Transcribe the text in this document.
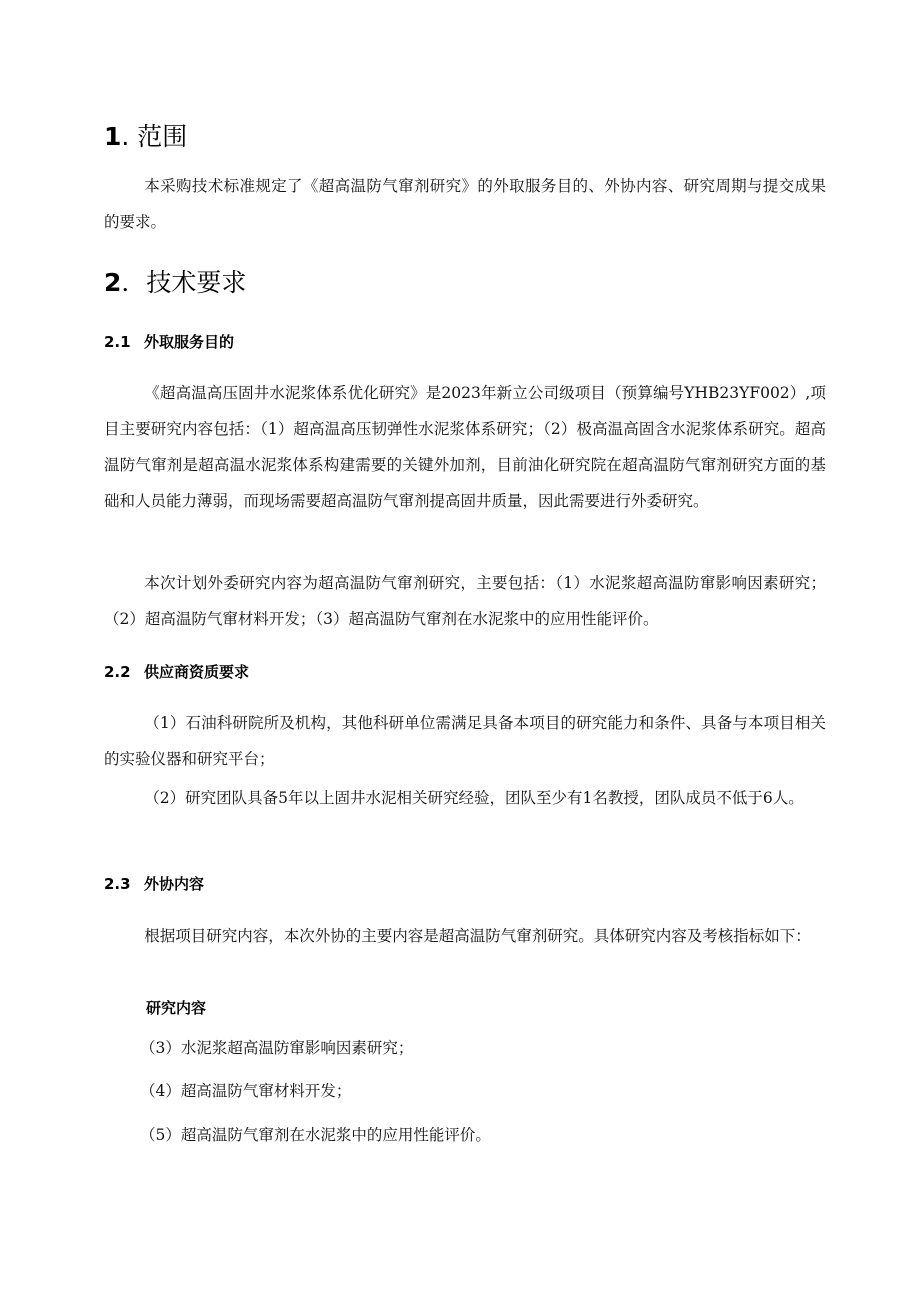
1. 范围

本采购技术标准规定了《超高温防气窜剂研究》的外取服务目的、外协内容、研究周期与提交成果的要求。

2．技术要求
2.1 外取服务目的

《超高温高压固井水泥浆体系优化研究》是2023年新立公司级项目（预算编号YHB23YF002）,项目主要研究内容包括：（1）超高温高压韧弹性水泥浆体系研究；（2）极高温高固含水泥浆体系研究。超高温防气窜剂是超高温水泥浆体系构建需要的关键外加剂，目前油化研究院在超高温防气窜剂研究方面的基础和人员能力薄弱，而现场需要超高温防气窜剂提高固井质量，因此需要进行外委研究。

本次计划外委研究内容为超高温防气窜剂研究，主要包括：（1）水泥浆超高温防窜影响因素研究；（2）超高温防气窜材料开发；（3）超高温防气窜剂在水泥浆中的应用性能评价。

2.2 供应商资质要求

（1）石油科研院所及机构，其他科研单位需满足具备本项目的研究能力和条件、具备与本项目相关的实验仪器和研究平台；

（2）研究团队具备5年以上固井水泥相关研究经验，团队至少有1名教授，团队成员不低于6人。

2.3 外协内容

根据项目研究内容，本次外协的主要内容是超高温防气窜剂研究。具体研究内容及考核指标如下：

研究内容
（3）水泥浆超高温防窜影响因素研究；
（4）超高温防气窜材料开发；
（5）超高温防气窜剂在水泥浆中的应用性能评价。
